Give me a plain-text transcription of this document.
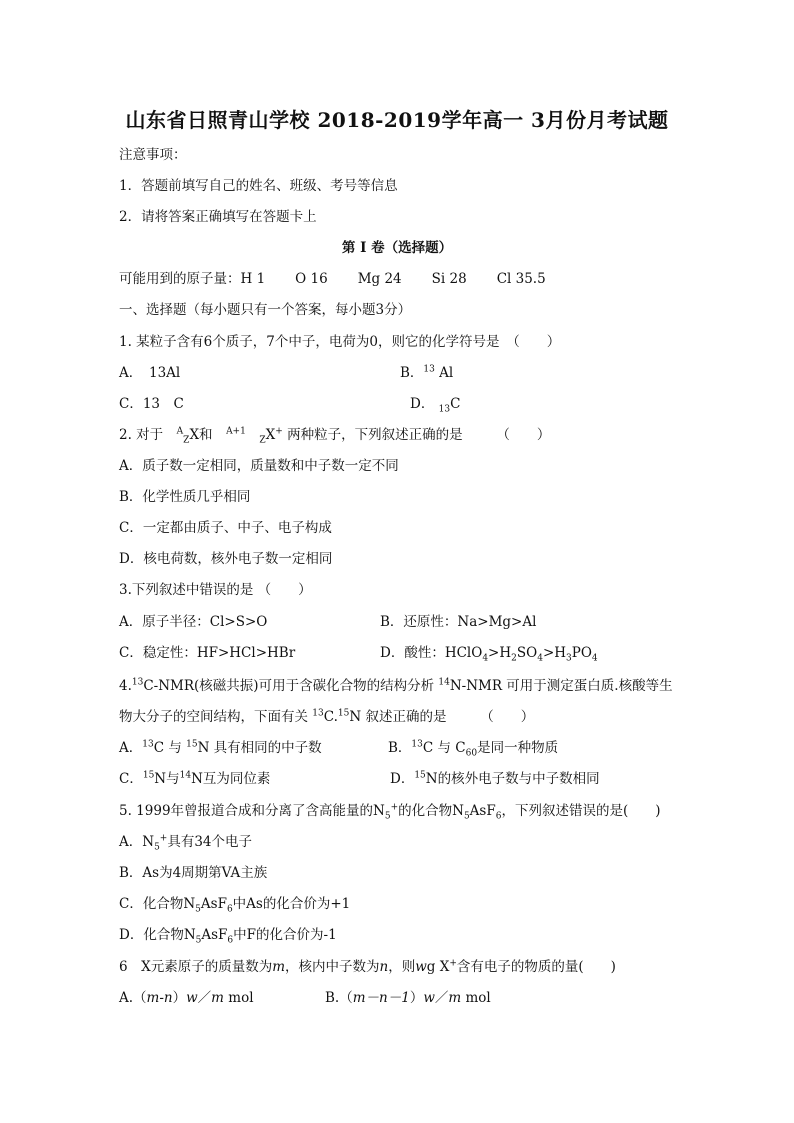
山东省日照青山学校 2018-2019学年高一 3月份月考试题
注意事项：
1．答题前填写自己的姓名、班级、考号等信息
2．请将答案正确填写在答题卡上
第 I 卷（选择题）
可能用到的原子量：H 1 O 16 Mg 24 Si 28 Cl 35.5
一、选择题（每小题只有一个答案，每小题3分）
1. 某粒子含有6个质子，7个中子，电荷为0，则它的化学符号是　（　　）
A．　13Al	B．$^{13}$ Al
C．13　C	D． $_{13}$C
2. 对于　 $^A_Z$X和　 $^{A+1}$　$_Z$X+ 两种粒子，下列叙述正确的是　　　（　　）
A．质子数一定相同，质量数和中子数一定不同
B．化学性质几乎相同
C．一定都由质子、中子、电子构成
D．核电荷数，核外电子数一定相同
3.下列叙述中错误的是 （　　）
A．原子半径：Cl>S>O	B．还原性：Na>Mg>Al
C．稳定性：HF>HCl>HBr	D．酸性：$HClO_4>H_2SO_4>H_3PO_4$
4.13C-NMR(核磁共振)可用于含碳化合物的结构分析 $^{14}$N-NMR 可用于测定蛋白质.核酸等生
物大分子的空间结构，下面有关 $^{13}$C.$^{15}$N 叙述正确的是　　　（　　）
A．$^{13}$C 与 $^{15}$N 具有相同的中子数	B．$^{13}$C 与 $C_{60}$是同一种物质
C．$^{15}$N与$^{14}$N互为同位素	D．$^{15}$N的核外电子数与中子数相同
5. 1999年曾报道合成和分离了含高能量的$N_5^+$的化合物$N_5AsF_6$，下列叙述错误的是(　　)
A．$N_5^+$具有34个电子
B．As为4周期第VA主族
C．化合物$N_5AsF_6$中As的化合价为+1
D．化合物$N_5AsF_6$中F的化合价为-1
6　X元素原子的质量数为m，核内中子数为n，则wg X+含有电子的物质的量(　　)
A.（m-n）w／m mol	B.（m－n－1）w／m mol
